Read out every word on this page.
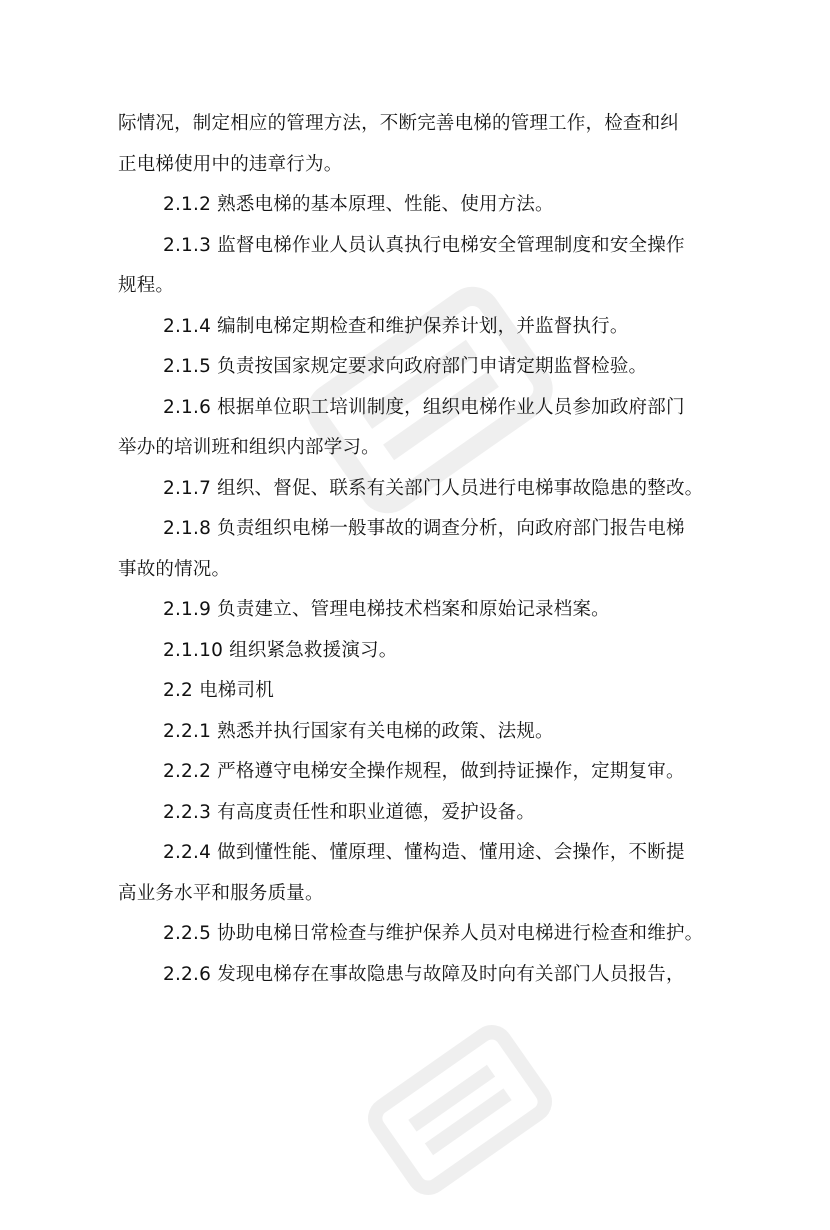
际情况，制定相应的管理方法，不断完善电梯的管理工作，检查和纠
正电梯使用中的违章行为。

2.1.2 熟悉电梯的基本原理、性能、使用方法。

2.1.3 监督电梯作业人员认真执行电梯安全管理制度和安全操作
规程。

2.1.4 编制电梯定期检查和维护保养计划，并监督执行。

2.1.5 负责按国家规定要求向政府部门申请定期监督检验。

2.1.6 根据单位职工培训制度，组织电梯作业人员参加政府部门
举办的培训班和组织内部学习。

2.1.7 组织、督促、联系有关部门人员进行电梯事故隐患的整改。

2.1.8 负责组织电梯一般事故的调查分析，向政府部门报告电梯
事故的情况。

2.1.9 负责建立、管理电梯技术档案和原始记录档案。

2.1.10 组织紧急救援演习。

2.2 电梯司机

2.2.1 熟悉并执行国家有关电梯的政策、法规。

2.2.2 严格遵守电梯安全操作规程，做到持证操作，定期复审。

2.2.3 有高度责任性和职业道德，爱护设备。

2.2.4 做到懂性能、懂原理、懂构造、懂用途、会操作，不断提
高业务水平和服务质量。

2.2.5 协助电梯日常检查与维护保养人员对电梯进行检查和维护。

2.2.6 发现电梯存在事故隐患与故障及时向有关部门人员报告，
